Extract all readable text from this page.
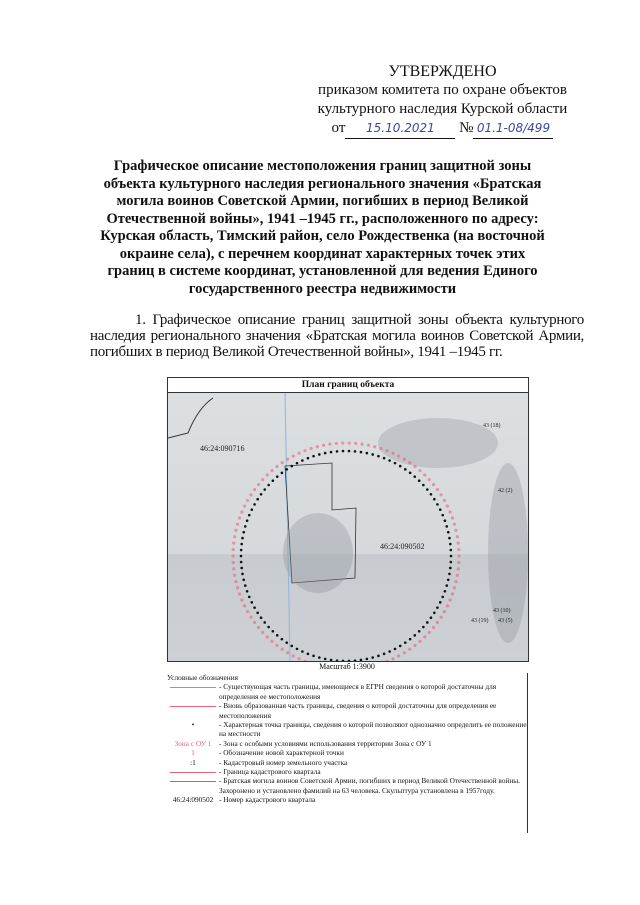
УТВЕРЖДЕНО
приказом комитета по охране объектов
культурного наследия Курской области
от 15.10.2021 № 01.1-08/499
Графическое описание местоположения границ защитной зоны объекта культурного наследия регионального значения «Братская могила воинов Советской Армии, погибших в период Великой Отечественной войны», 1941 –1945 гг., расположенного по адресу: Курская область, Тимский район, село Рождественка (на восточной окраине села), с перечнем координат характерных точек этих границ в системе координат, установленной для ведения Единого государственного реестра недвижимости
1. Графическое описание границ защитной зоны объекта культурного наследия регионального значения «Братская могила воинов Советской Армии, погибших в период Великой Отечественной войны», 1941 –1945 гг.
План границ объекта
46:24:090716
46:24:090502
43 (18)
42 (2)
43 (10)
43 (19) 43 (5)
Масштаб 1:3900
Условные обозначения
- Существующая часть границы, имеющиеся в ЕГРН сведения о которой достаточны для определения ее местоположения
- Вновь образованная часть границы, сведения о которой достаточны для определения ее местоположения
•	- Характерная точка границы, сведения о которой позволяют однозначно определить ее положение на местности
Зона с ОУ 1	- Зона с особыми условиями использования территории Зона с ОУ 1
1	- Обозначение новой характерной точки
:1	- Кадастровый номер земельного участка
- Граница кадастрового квартала
- Братская могила воинов Советской Армии, погибших в период Великой Отечественной войны. Захоронено и установлено фамилий на 63 человека. Скульптура установлена в 1957году.
46:24:090502 - Номер кадастрового квартала
